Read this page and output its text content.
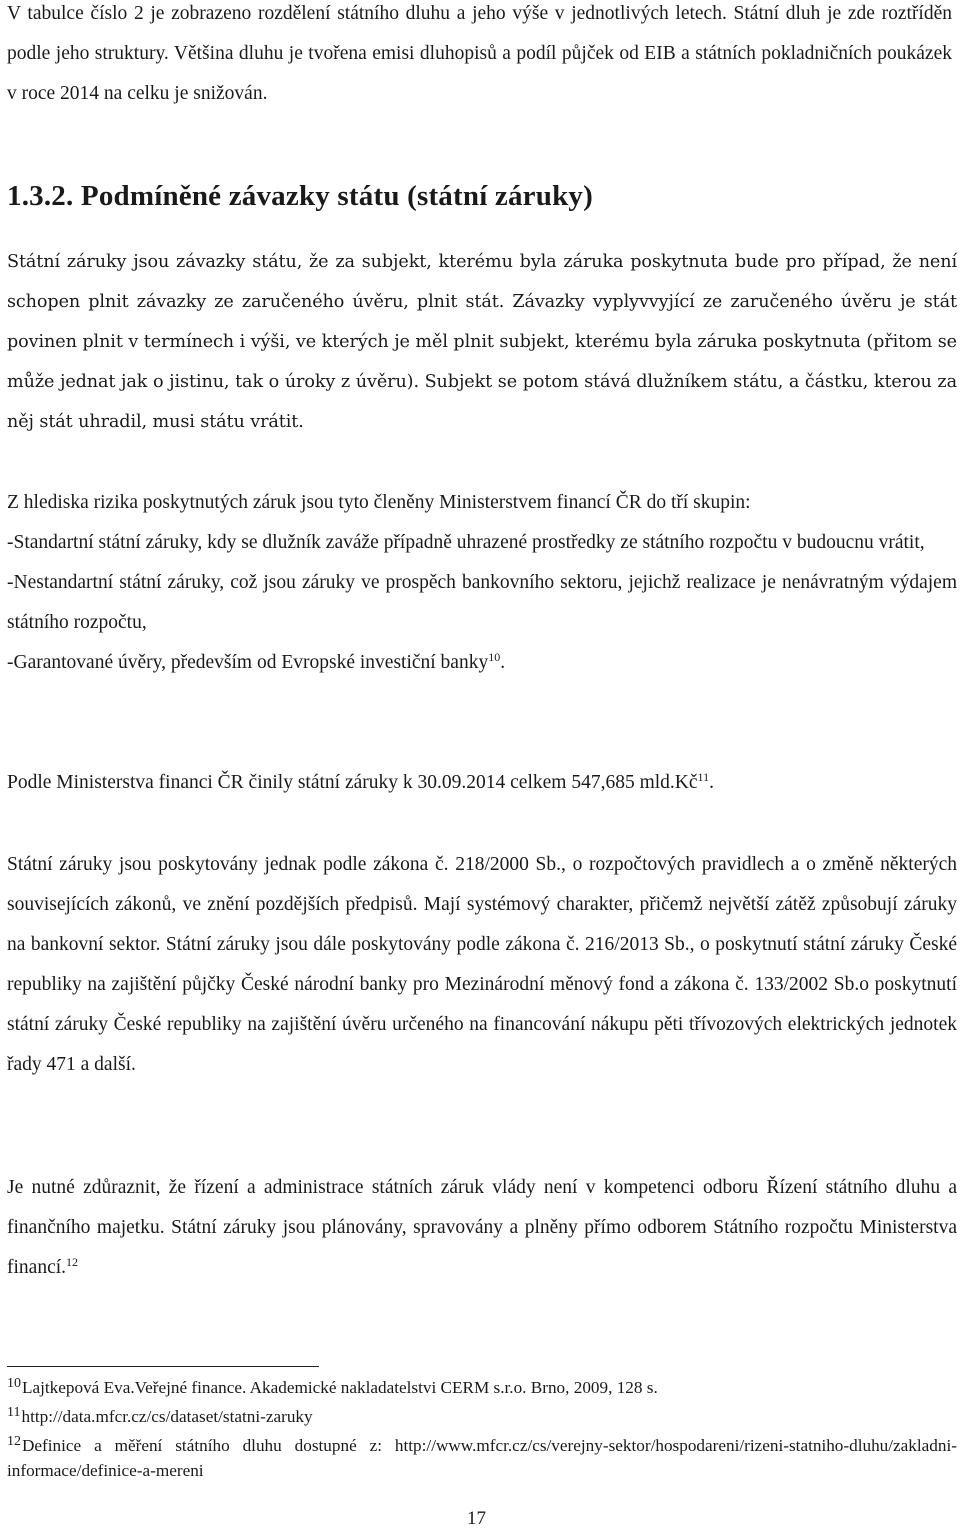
V tabulce číslo 2 je zobrazeno rozdělení státního dluhu a jeho výše v jednotlivých letech. Státní dluh je zde roztříděn podle jeho struktury. Většina dluhu je tvořena emisi dluhopisů a podíl půjček od EIB a státních pokladničních poukázek v roce 2014 na celku je snižován.

1.3.2. Podmíněné závazky státu (státní záruky)

Státní záruky jsou závazky státu, že za subjekt, kterému byla záruka poskytnuta bude pro případ, že není schopen plnit závazky ze zaručeného úvěru, plnit stát. Závazky vyplyvvyjící ze zaručeného úvěru je stát povinen plnit v termínech i výši, ve kterých je měl plnit subjekt, kterému byla záruka poskytnuta (přitom se může jednat jak o jistinu, tak o úroky z úvěru). Subjekt se potom stává dlužníkem státu, a částku, kterou za něj stát uhradil, musi státu vrátit.

Z hlediska rizika poskytnutých záruk jsou tyto členěny Ministerstvem financí ČR do tří skupin:
-Standartní státní záruky, kdy se dlužník zaváže případně uhrazené prostředky ze státního rozpočtu v budoucnu vrátit,
-Nestandartní státní záruky, což jsou záruky ve prospěch bankovního sektoru, jejichž realizace je nenávratným výdajem státního rozpočtu,
-Garantované úvěry, především od Evropské investiční banky$^{10}$.

Podle Ministerstva financi ČR činily státní záruky k 30.09.2014 celkem 547,685 $mld.Kč^{11}$.

Státní záruky jsou poskytovány jednak podle zákona č. 218/2000 Sb., o rozpočtových pravidlech a o změně některých souvisejících zákonů, ve znění pozdějších předpisů. Mají systémový charakter, přičemž největší zátěž způsobují záruky na bankovní sektor. Státní záruky jsou dále poskytovány podle zákona č. 216/2013 Sb., o poskytnutí státní záruky České republiky na zajištění půjčky České národní banky pro Mezinárodní měnový fond a zákona č. 133/2002 Sb.o poskytnutí státní záruky České republiky na zajištění úvěru určeného na financování nákupu pěti třívozových elektrických jednotek řady 471 a další.

Je nutné zdůraznit, že řízení a administrace státních záruk vlády není v kompetenci odboru Řízení státního dluhu a finančního majetku. Státní záruky jsou plánovány, spravovány a plněny přímo odborem Státního rozpočtu Ministerstva financí.$^{12}$

$^{10}$Lajtkepová Eva.Veřejné finance. Akademické nakladatelstvi CERM s.r.o. Brno, 2009, 128 s.

$^{11}$http://data.mfcr.cz/cs/dataset/statni-zaruky

$^{12}$Definice a měření státního dluhu dostupné z: http://www.mfcr.cz/cs/verejny-sektor/hospodareni/rizeni-statniho-dluhu/zakladni-informace/definice-a-mereni

17
